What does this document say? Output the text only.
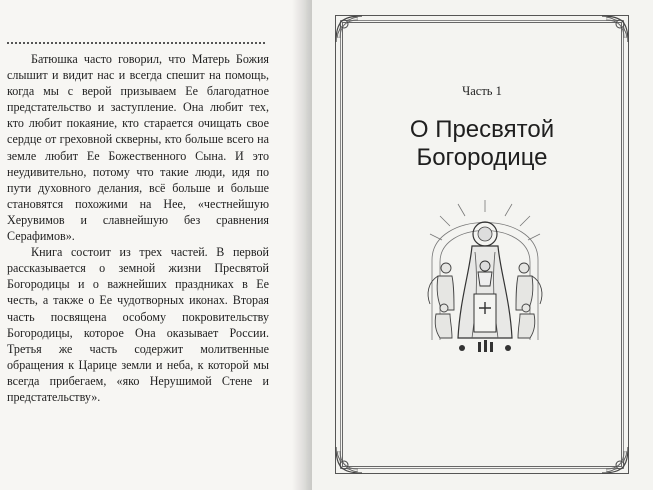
Батюшка часто говорил, что Матерь Божия слышит и видит нас и всегда спешит на помощь, когда мы с верой призываем Ее благодатное предстательство и заступление. Она любит тех, кто любит покаяние, кто старается очищать свое сердце от греховной скверны, кто больше всего на земле любит Ее Божественного Сына. И это неудивительно, потому что такие люди, идя по пути духовного делания, всё больше и больше становятся похожими на Нее, «честнейшую Херувимов и славнейшую без сравнения Серафимов».

Книга состоит из трех частей. В первой рассказывается о земной жизни Пресвятой Богородицы и о важнейших праздниках в Ее честь, а также о Ее чудотворных иконах. Вторая часть посвящена особому покровительству Богородицы, которое Она оказывает России. Третья же часть содержит молитвенные обращения к Царице земли и неба, к которой мы всегда прибегаем, «яко Нерушимой Стене и предстательству».

Часть 1
О Пресвятой
Богородице
